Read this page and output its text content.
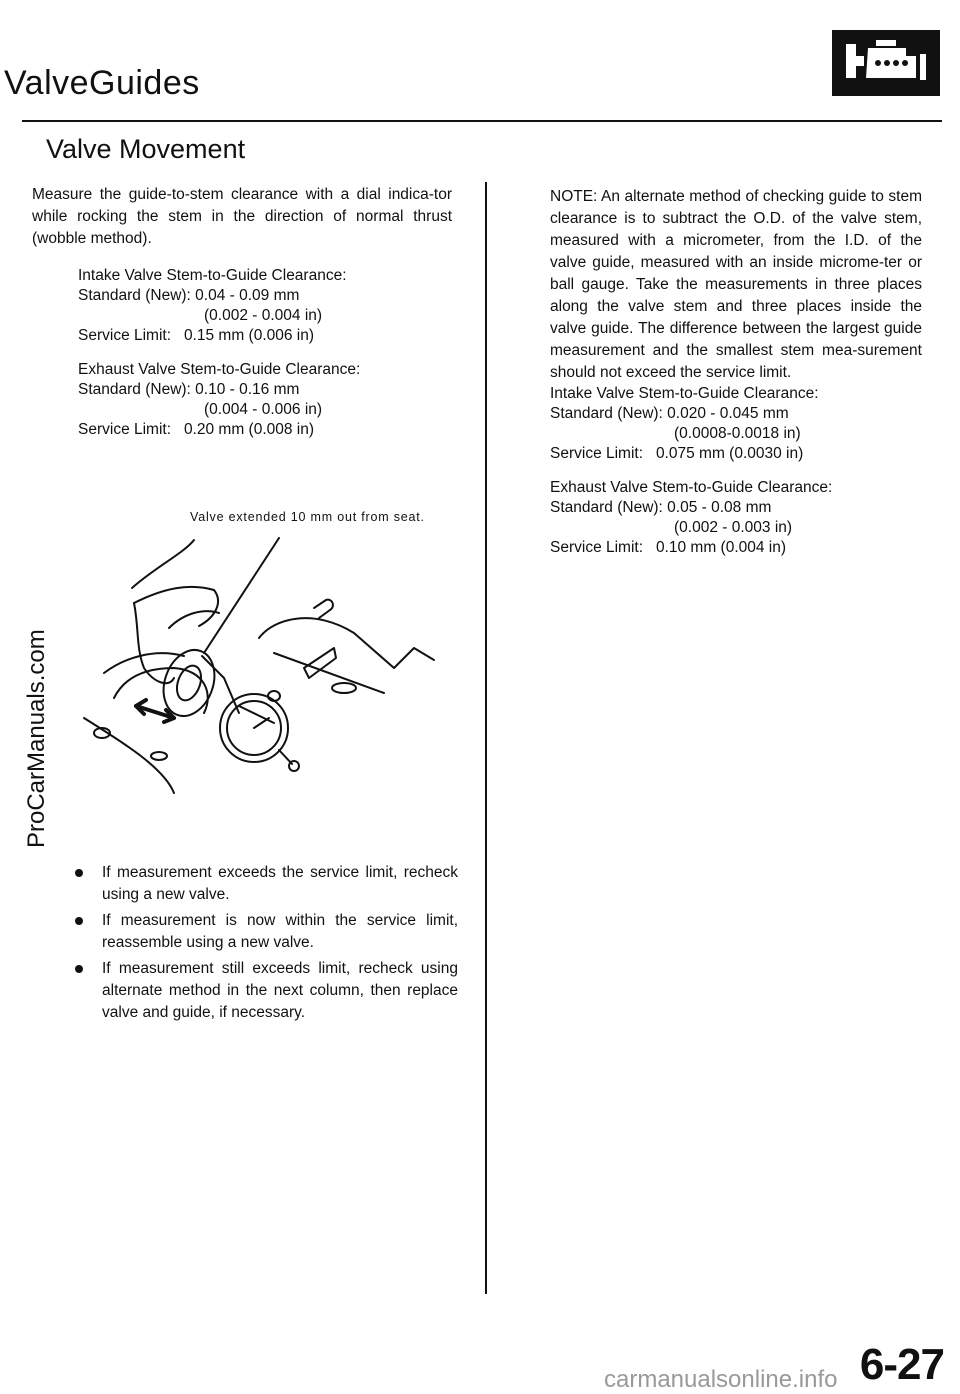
ValveGuides
Valve Movement
Measure the guide-to-stem clearance with a dial indica-tor while rocking the stem in the direction of normal thrust (wobble method).
Intake Valve Stem-to-Guide Clearance:
Standard (New): 0.04 - 0.09 mm
(0.002 - 0.004 in)
Service Limit:   0.15 mm (0.006 in)
Exhaust Valve Stem-to-Guide Clearance:
Standard (New): 0.10 - 0.16 mm
(0.004 - 0.006 in)
Service Limit:   0.20 mm (0.008 in)
NOTE: An alternate method of checking guide to stem clearance is to subtract the O.D. of the valve stem, measured with a micrometer, from the I.D. of the valve guide, measured with an inside microme-ter or ball gauge. Take the measurements in three places along the valve stem and three places inside the valve guide. The difference between the largest guide measurement and the smallest stem mea-surement should not exceed the service limit.
Intake Valve Stem-to-Guide Clearance:
Standard (New): 0.020 - 0.045 mm
(0.0008-0.0018 in)
Service Limit:   0.075 mm (0.0030 in)
Exhaust Valve Stem-to-Guide Clearance:
Standard (New): 0.05 - 0.08 mm
(0.002 - 0.003 in)
Service Limit:   0.10 mm (0.004 in)
Valve extended 10 mm out from seat.
If measurement exceeds the service limit, recheck using a new valve.
If measurement is now within the service limit, reassemble using a new valve.
If measurement still exceeds limit, recheck using alternate method in the next column, then replace valve and guide, if necessary.
ProCarManuals.com
6-27
carmanualsonline.info
